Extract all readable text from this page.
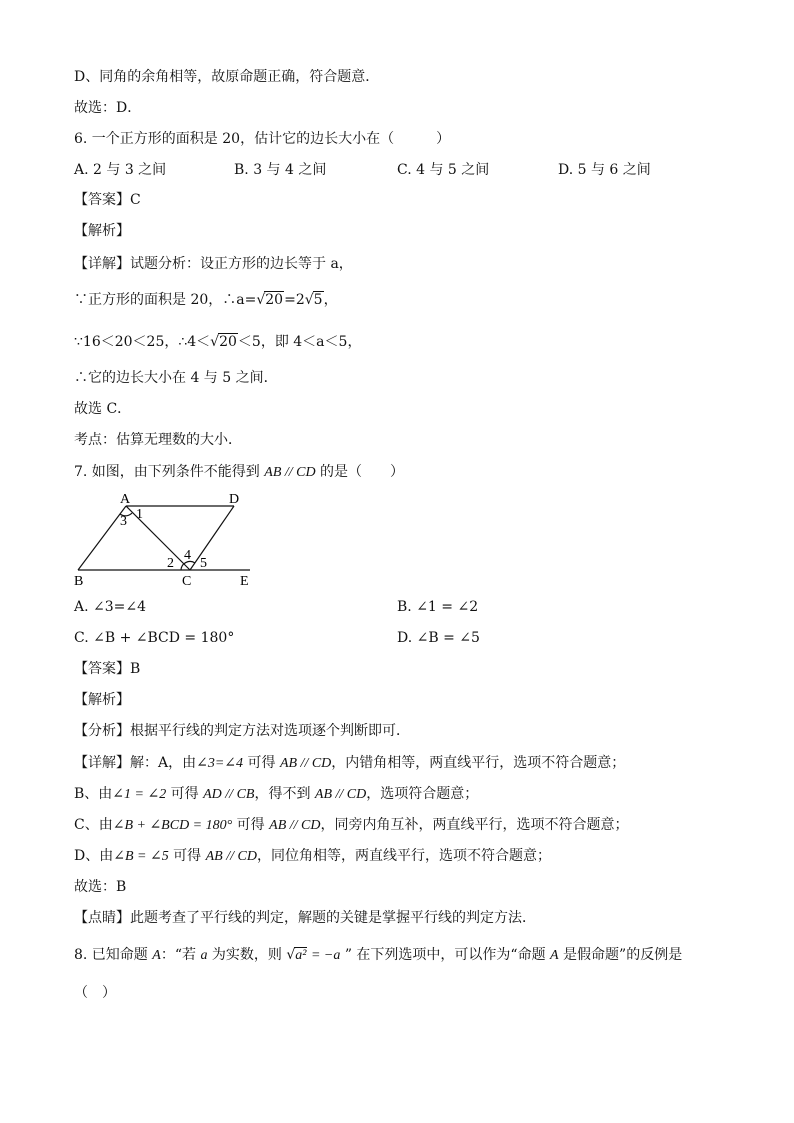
D、同角的余角相等，故原命题正确，符合题意．
故选：D．
6. 一个正方形的面积是 20，估计它的边长大小在（　　　）
A. 2 与 3 之间	B. 3 与 4 之间	C. 4 与 5 之间	D. 5 与 6 之间
【答案】C
【解析】
【详解】试题分析：设正方形的边长等于 a，
∵正方形的面积是 20，∴a=√20=2√5，
∵16＜20＜25，∴4＜√20＜5，即 4＜a＜5，
∴它的边长大小在 4 与 5 之间．
故选 C．
考点：估算无理数的大小．
7. 如图，由下列条件不能得到 AB // CD 的是（　　）
A	D
1
3
2
4
5
B	C	E
A. ∠3=∠4	B. ∠1 = ∠2
C. ∠B + ∠BCD = 180°	D. ∠B = ∠5
【答案】B
【解析】
【分析】根据平行线的判定方法对选项逐个判断即可．
【详解】解：A，由∠3=∠4 可得 AB // CD，内错角相等，两直线平行，选项不符合题意；
B、由∠1 = ∠2 可得 AD // CB，得不到 AB // CD，选项符合题意；
C、由∠B + ∠BCD = 180° 可得 AB // CD，同旁内角互补，两直线平行，选项不符合题意；
D、由∠B = ∠5 可得 AB // CD，同位角相等，两直线平行，选项不符合题意；
故选：B
【点睛】此题考查了平行线的判定，解题的关键是掌握平行线的判定方法．
8. 已知命题 A：“若 a 为实数，则 √a² = −a ” 在下列选项中，可以作为“命题 A 是假命题”的反例是
（　）
